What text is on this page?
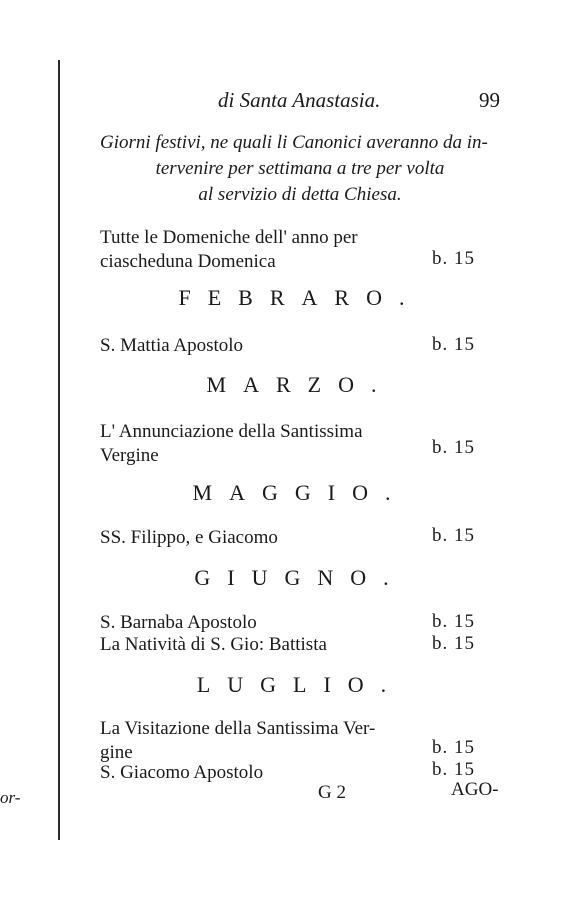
or-
di Santa Anastasia.	99
Giorni festivi, ne quali li Canonici averanno da in-
tervenire per settimana a tre per volta
al servizio di detta Chiesa.
Tutte le Domeniche dell' anno per
ciascheduna Domenica	b. 15
FEBRARO.
S. Mattia Apostolo	b. 15
MARZO.
L' Annunciazione della Santissima
Vergine	b. 15
MAGGIO.
SS. Filippo, e Giacomo	b. 15
GIUGNO.
S. Barnaba Apostolo	b. 15
La Natività di S. Gio: Battista	b. 15
LUGLIO.
La Visitazione della Santissima Ver-
gine	b. 15
S. Giacomo Apostolo	b. 15
G 2	AGO-
